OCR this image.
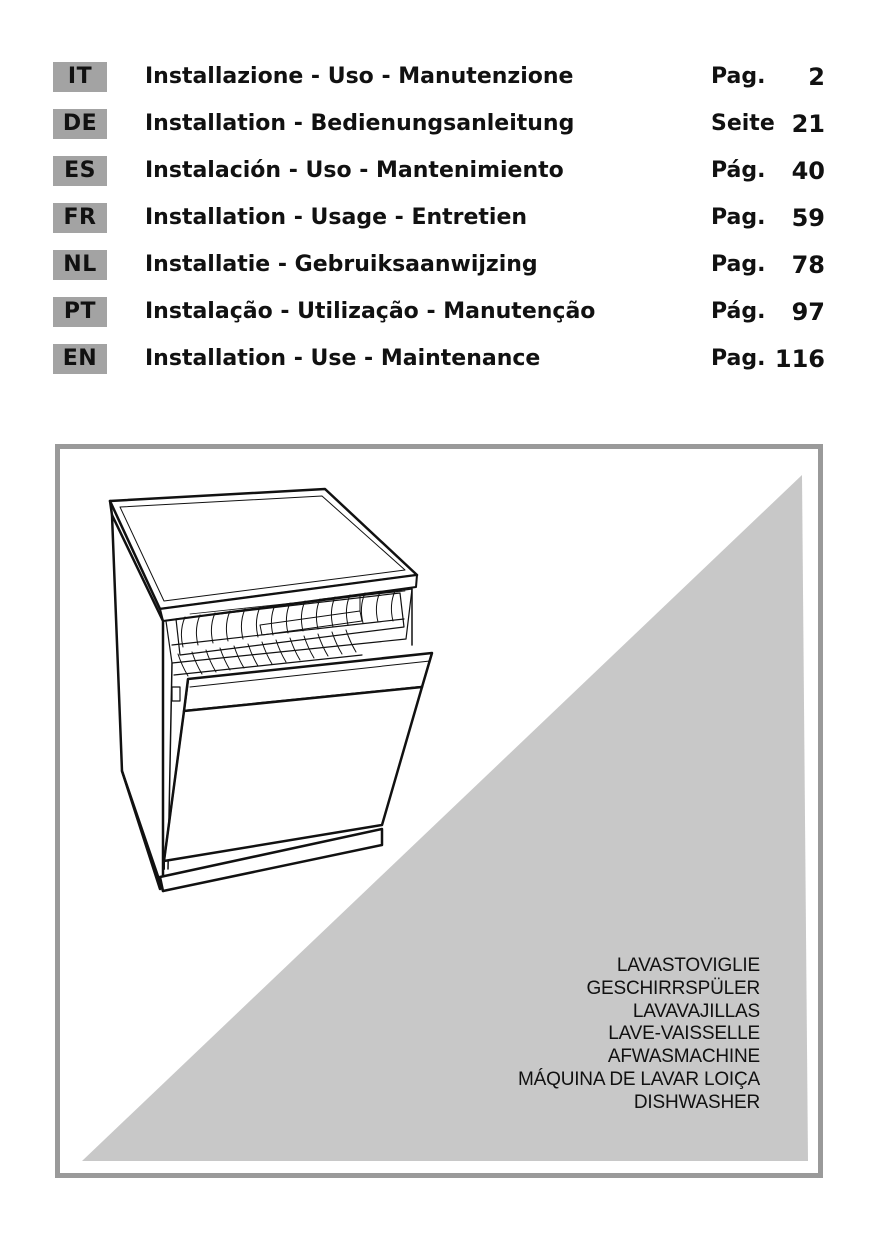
IT	Installazione - Uso - Manutenzione	Pag. 2
DE	Installation - Bedienungsanleitung	Seite 21
ES	Instalación - Uso - Mantenimiento	Pág. 40
FR	Installation - Usage - Entretien	Pag. 59
NL	Installatie - Gebruiksaanwijzing	Pag. 78
PT	Instalação - Utilização - Manutenção	Pág. 97
EN	Installation - Use - Maintenance	Pag. 116
LAVASTOVIGLIE
GESCHIRRSPÜLER
LAVAVAJILLAS
LAVE-VAISSELLE
AFWASMACHINE
MÁQUINA DE LAVAR LOIÇA
DISHWASHER
